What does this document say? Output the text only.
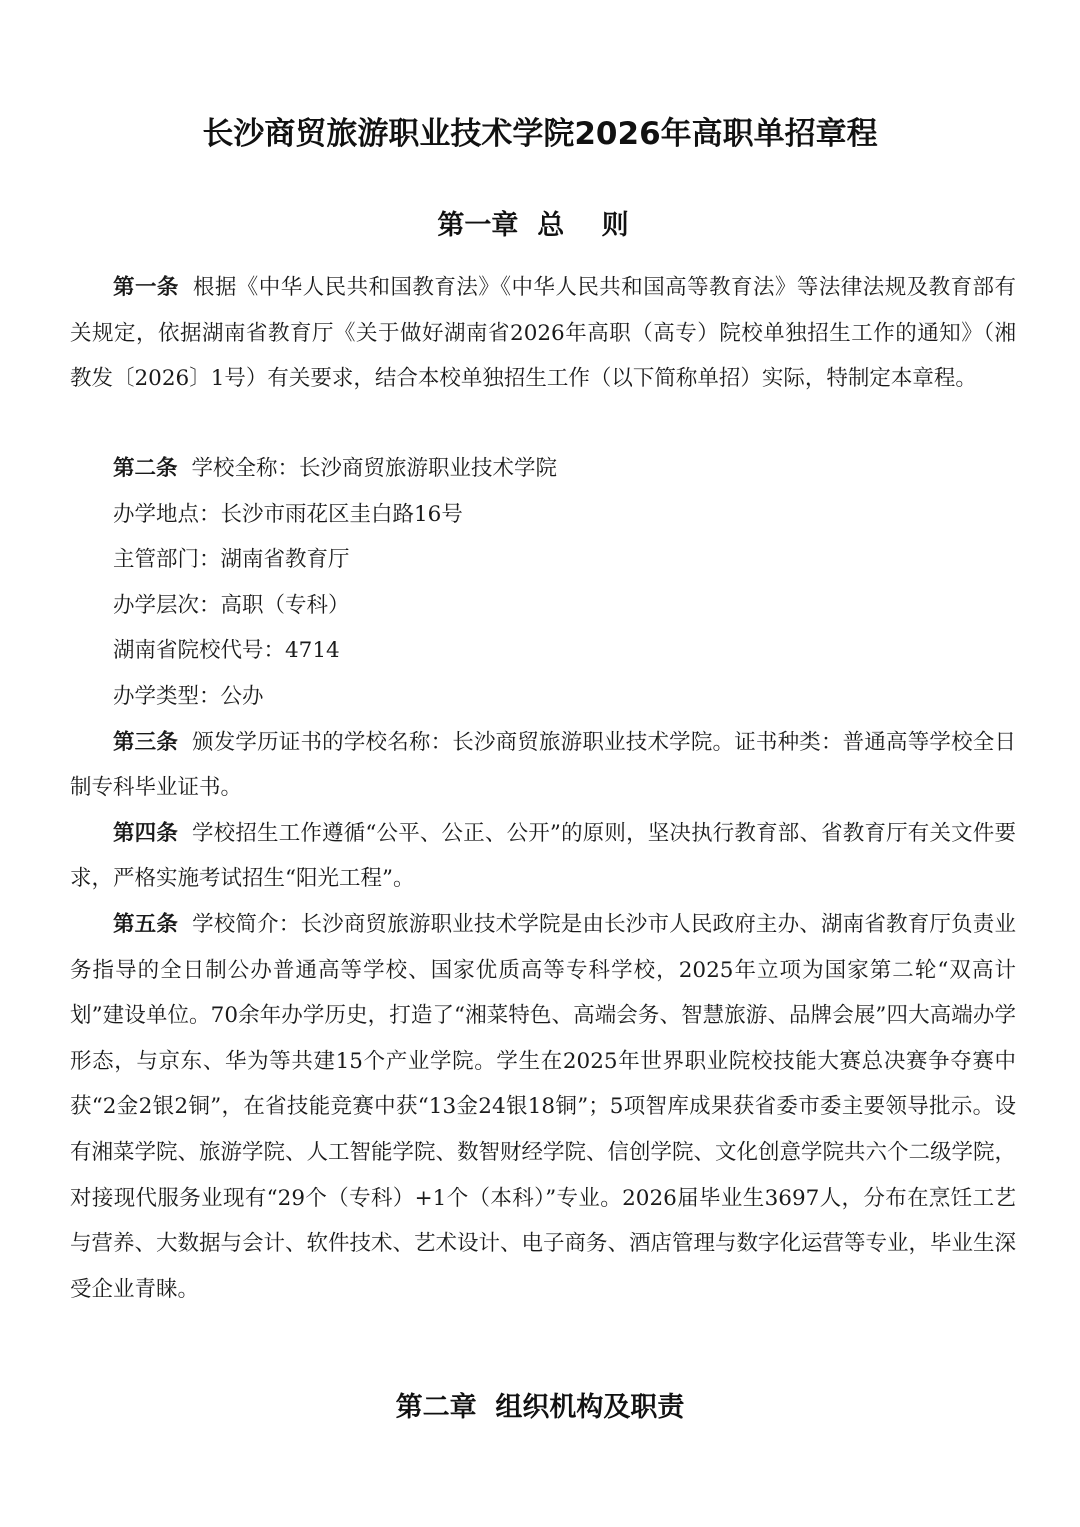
长沙商贸旅游职业技术学院2026年高职单招章程
第一章 总 则

第一条 根据《中华人民共和国教育法》《中华人民共和国高等教育法》等法律法规及教育部有关规定，依据湖南省教育厅《关于做好湖南省2026年高职（高专）院校单独招生工作的通知》（湘教发〔2026〕1号）有关要求，结合本校单独招生工作（以下简称单招）实际，特制定本章程。

第二条 学校全称：长沙商贸旅游职业技术学院

办学地点：长沙市雨花区圭白路16号

主管部门：湖南省教育厅

办学层次：高职（专科）

湖南省院校代号：4714

办学类型：公办

第三条 颁发学历证书的学校名称：长沙商贸旅游职业技术学院。证书种类：普通高等学校全日制专科毕业证书。

第四条 学校招生工作遵循“公平、公正、公开”的原则，坚决执行教育部、省教育厅有关文件要求，严格实施考试招生“阳光工程”。

第五条 学校简介：长沙商贸旅游职业技术学院是由长沙市人民政府主办、湖南省教育厅负责业务指导的全日制公办普通高等学校、国家优质高等专科学校，2025年立项为国家第二轮“双高计划”建设单位。70余年办学历史，打造了“湘菜特色、高端会务、智慧旅游、品牌会展”四大高端办学形态，与京东、华为等共建15个产业学院。学生在2025年世界职业院校技能大赛总决赛争夺赛中获“2金2银2铜”，在省技能竞赛中获“13金24银18铜”；5项智库成果获省委市委主要领导批示。设有湘菜学院、旅游学院、人工智能学院、数智财经学院、信创学院、文化创意学院共六个二级学院，对接现代服务业现有“29个（专科）+1个（本科）”专业。2026届毕业生3697人，分布在烹饪工艺与营养、大数据与会计、软件技术、艺术设计、电子商务、酒店管理与数字化运营等专业，毕业生深受企业青睐。

第二章 组织机构及职责
